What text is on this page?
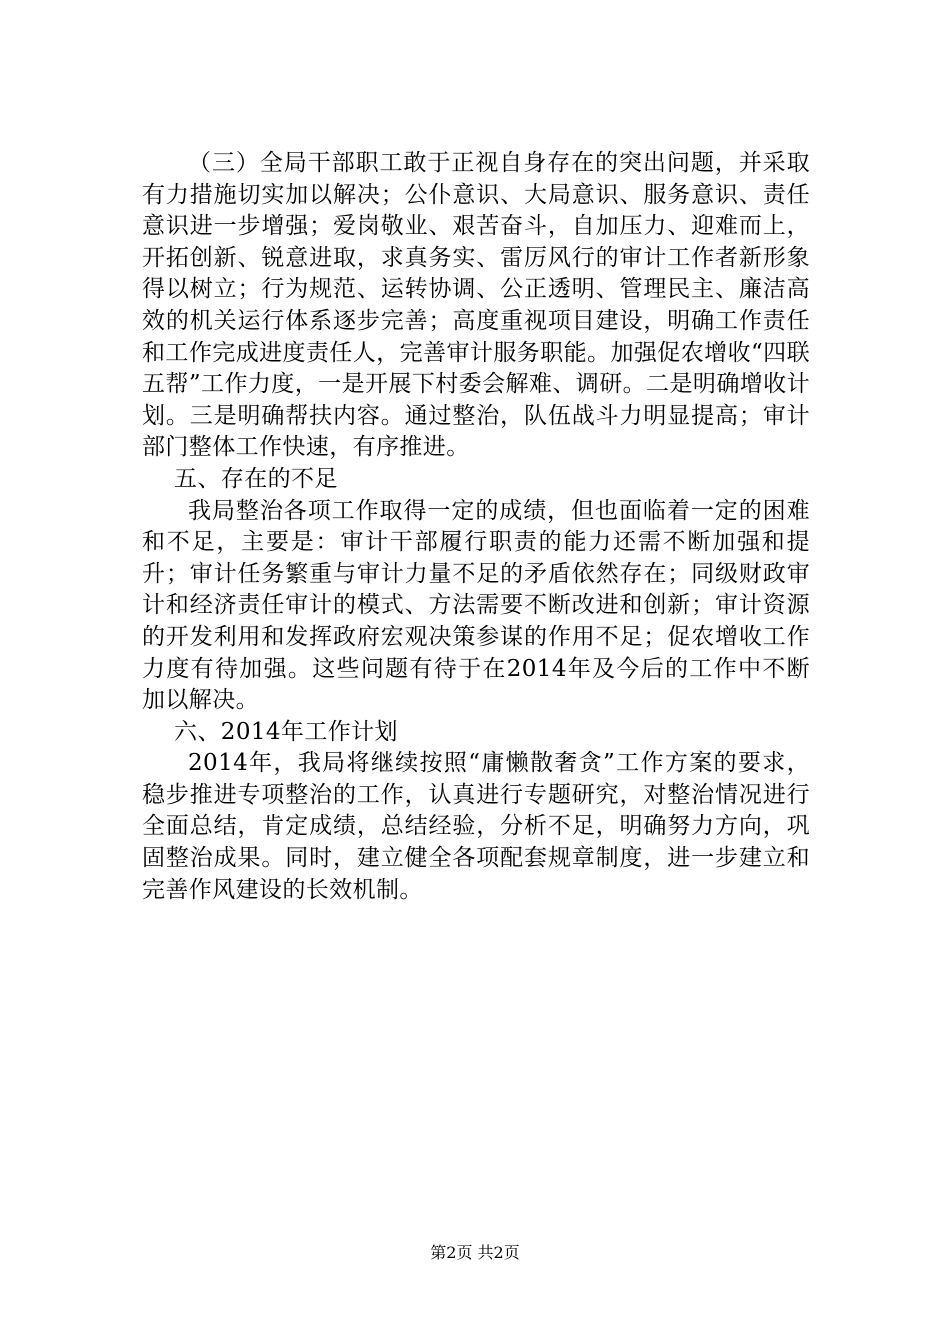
（三）全局干部职工敢于正视自身存在的突出问题，并采取有力措施切实加以解决；公仆意识、大局意识、服务意识、责任意识进一步增强；爱岗敬业、艰苦奋斗，自加压力、迎难而上，开拓创新、锐意进取，求真务实、雷厉风行的审计工作者新形象得以树立；行为规范、运转协调、公正透明、管理民主、廉洁高效的机关运行体系逐步完善；高度重视项目建设，明确工作责任和工作完成进度责任人，完善审计服务职能。加强促农增收“四联五帮”工作力度，一是开展下村委会解难、调研。二是明确增收计划。三是明确帮扶内容。通过整治，队伍战斗力明显提高；审计部门整体工作快速，有序推进。

五、存在的不足

我局整治各项工作取得一定的成绩，但也面临着一定的困难和不足，主要是：审计干部履行职责的能力还需不断加强和提升；审计任务繁重与审计力量不足的矛盾依然存在；同级财政审计和经济责任审计的模式、方法需要不断改进和创新；审计资源的开发利用和发挥政府宏观决策参谋的作用不足；促农增收工作力度有待加强。这些问题有待于在2014年及今后的工作中不断加以解决。

六、2014年工作计划

2014年，我局将继续按照“庸懒散奢贪”工作方案的要求，稳步推进专项整治的工作，认真进行专题研究，对整治情况进行全面总结，肯定成绩，总结经验，分析不足，明确努力方向，巩固整治成果。同时，建立健全各项配套规章制度，进一步建立和完善作风建设的长效机制。

第2页 共2页
